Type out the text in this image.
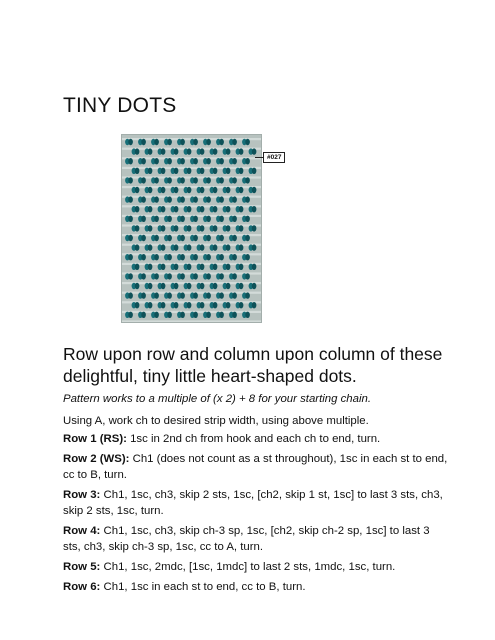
TINY DOTS
#027

Row upon row and column upon column of these delightful, tiny little heart-shaped dots.

Pattern works to a multiple of (x 2) + 8 for your starting chain.

Using A, work ch to desired strip width, using above multiple.

Row 1 (RS): 1sc in 2nd ch from hook and each ch to end, turn.

Row 2 (WS): Ch1 (does not count as a st throughout), 1sc in each st to end, cc to B, turn.

Row 3: Ch1, 1sc, ch3, skip 2 sts, 1sc, [ch2, skip 1 st, 1sc] to last 3 sts, ch3, skip 2 sts, 1sc, turn.

Row 4: Ch1, 1sc, ch3, skip ch-3 sp, 1sc, [ch2, skip ch-2 sp, 1sc] to last 3 sts, ch3, skip ch-3 sp, 1sc, cc to A, turn.

Row 5: Ch1, 1sc, 2mdc, [1sc, 1mdc] to last 2 sts, 1mdc, 1sc, turn.

Row 6: Ch1, 1sc in each st to end, cc to B, turn.
